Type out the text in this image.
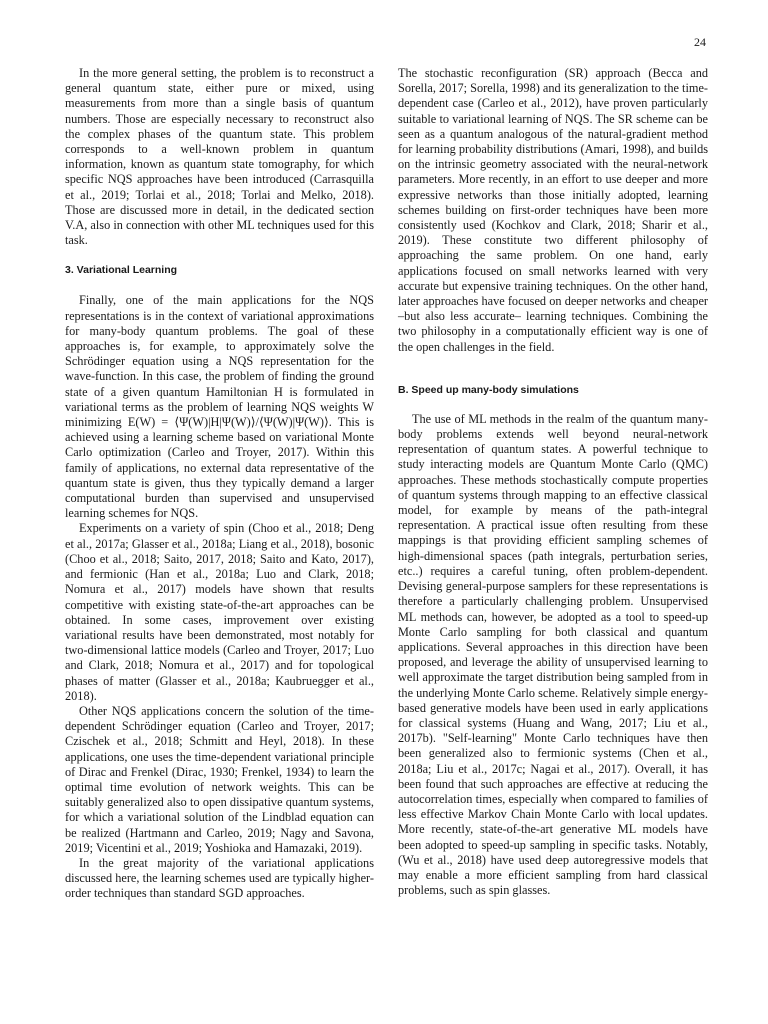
24

In the more general setting, the problem is to reconstruct a general quantum state, either pure or mixed, using measurements from more than a single basis of quantum numbers. Those are especially necessary to reconstruct also the complex phases of the quantum state. This problem corresponds to a well-known problem in quantum information, known as quantum state tomography, for which specific NQS approaches have been introduced (Carrasquilla et al., 2019; Torlai et al., 2018; Torlai and Melko, 2018). Those are discussed more in detail, in the dedicated section V.A, also in connection with other ML techniques used for this task.

3. Variational Learning

Finally, one of the main applications for the NQS representations is in the context of variational approximations for many-body quantum problems. The goal of these approaches is, for example, to approximately solve the Schrödinger equation using a NQS representation for the wave-function. In this case, the problem of finding the ground state of a given quantum Hamiltonian H is formulated in variational terms as the problem of learning NQS weights W minimizing E(W) = ⟨Ψ(W)|H|Ψ(W)⟩/⟨Ψ(W)|Ψ(W)⟩. This is achieved using a learning scheme based on variational Monte Carlo optimization (Carleo and Troyer, 2017). Within this family of applications, no external data representative of the quantum state is given, thus they typically demand a larger computational burden than supervised and unsupervised learning schemes for NQS.

Experiments on a variety of spin (Choo et al., 2018; Deng et al., 2017a; Glasser et al., 2018a; Liang et al., 2018), bosonic (Choo et al., 2018; Saito, 2017, 2018; Saito and Kato, 2017), and fermionic (Han et al., 2018a; Luo and Clark, 2018; Nomura et al., 2017) models have shown that results competitive with existing state-of-the-art approaches can be obtained. In some cases, improvement over existing variational results have been demonstrated, most notably for two-dimensional lattice models (Carleo and Troyer, 2017; Luo and Clark, 2018; Nomura et al., 2017) and for topological phases of matter (Glasser et al., 2018a; Kaubruegger et al., 2018).

Other NQS applications concern the solution of the time-dependent Schrödinger equation (Carleo and Troyer, 2017; Czischek et al., 2018; Schmitt and Heyl, 2018). In these applications, one uses the time-dependent variational principle of Dirac and Frenkel (Dirac, 1930; Frenkel, 1934) to learn the optimal time evolution of network weights. This can be suitably generalized also to open dissipative quantum systems, for which a variational solution of the Lindblad equation can be realized (Hartmann and Carleo, 2019; Nagy and Savona, 2019; Vicentini et al., 2019; Yoshioka and Hamazaki, 2019).

In the great majority of the variational applications discussed here, the learning schemes used are typically higher-order techniques than standard SGD approaches.

The stochastic reconfiguration (SR) approach (Becca and Sorella, 2017; Sorella, 1998) and its generalization to the time-dependent case (Carleo et al., 2012), have proven particularly suitable to variational learning of NQS. The SR scheme can be seen as a quantum analogous of the natural-gradient method for learning probability distributions (Amari, 1998), and builds on the intrinsic geometry associated with the neural-network parameters. More recently, in an effort to use deeper and more expressive networks than those initially adopted, learning schemes building on first-order techniques have been more consistently used (Kochkov and Clark, 2018; Sharir et al., 2019). These constitute two different philosophy of approaching the same problem. On one hand, early applications focused on small networks learned with very accurate but expensive training techniques. On the other hand, later approaches have focused on deeper networks and cheaper –but also less accurate– learning techniques. Combining the two philosophy in a computationally efficient way is one of the open challenges in the field.

B. Speed up many-body simulations

The use of ML methods in the realm of the quantum many-body problems extends well beyond neural-network representation of quantum states. A powerful technique to study interacting models are Quantum Monte Carlo (QMC) approaches. These methods stochastically compute properties of quantum systems through mapping to an effective classical model, for example by means of the path-integral representation. A practical issue often resulting from these mappings is that providing efficient sampling schemes of high-dimensional spaces (path integrals, perturbation series, etc..) requires a careful tuning, often problem-dependent. Devising general-purpose samplers for these representations is therefore a particularly challenging problem. Unsupervised ML methods can, however, be adopted as a tool to speed-up Monte Carlo sampling for both classical and quantum applications. Several approaches in this direction have been proposed, and leverage the ability of unsupervised learning to well approximate the target distribution being sampled from in the underlying Monte Carlo scheme. Relatively simple energy-based generative models have been used in early applications for classical systems (Huang and Wang, 2017; Liu et al., 2017b). "Self-learning" Monte Carlo techniques have then been generalized also to fermionic systems (Chen et al., 2018a; Liu et al., 2017c; Nagai et al., 2017). Overall, it has been found that such approaches are effective at reducing the autocorrelation times, especially when compared to families of less effective Markov Chain Monte Carlo with local updates. More recently, state-of-the-art generative ML models have been adopted to speed-up sampling in specific tasks. Notably, (Wu et al., 2018) have used deep autoregressive models that may enable a more efficient sampling from hard classical problems, such as spin glasses.
